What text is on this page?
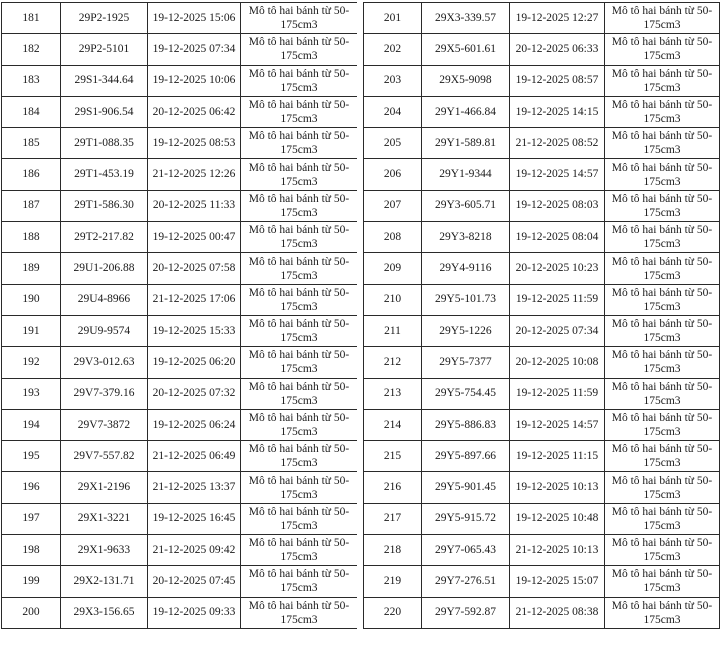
181	29P2-1925	19-12-2025 15:06	Mô tô hai bánh từ 50-175cm3
182	29P2-5101	19-12-2025 07:34	Mô tô hai bánh từ 50-175cm3
183	29S1-344.64	19-12-2025 10:06	Mô tô hai bánh từ 50-175cm3
184	29S1-906.54	20-12-2025 06:42	Mô tô hai bánh từ 50-175cm3
185	29T1-088.35	19-12-2025 08:53	Mô tô hai bánh từ 50-175cm3
186	29T1-453.19	21-12-2025 12:26	Mô tô hai bánh từ 50-175cm3
187	29T1-586.30	20-12-2025 11:33	Mô tô hai bánh từ 50-175cm3
188	29T2-217.82	19-12-2025 00:47	Mô tô hai bánh từ 50-175cm3
189	29U1-206.88	20-12-2025 07:58	Mô tô hai bánh từ 50-175cm3
190	29U4-8966	21-12-2025 17:06	Mô tô hai bánh từ 50-175cm3
191	29U9-9574	19-12-2025 15:33	Mô tô hai bánh từ 50-175cm3
192	29V3-012.63	19-12-2025 06:20	Mô tô hai bánh từ 50-175cm3
193	29V7-379.16	20-12-2025 07:32	Mô tô hai bánh từ 50-175cm3
194	29V7-3872	19-12-2025 06:24	Mô tô hai bánh từ 50-175cm3
195	29V7-557.82	21-12-2025 06:49	Mô tô hai bánh từ 50-175cm3
196	29X1-2196	21-12-2025 13:37	Mô tô hai bánh từ 50-175cm3
197	29X1-3221	19-12-2025 16:45	Mô tô hai bánh từ 50-175cm3
198	29X1-9633	21-12-2025 09:42	Mô tô hai bánh từ 50-175cm3
199	29X2-131.71	20-12-2025 07:45	Mô tô hai bánh từ 50-175cm3
200	29X3-156.65	19-12-2025 09:33	Mô tô hai bánh từ 50-175cm3
201	29X3-339.57	19-12-2025 12:27	Mô tô hai bánh từ 50-175cm3
202	29X5-601.61	20-12-2025 06:33	Mô tô hai bánh từ 50-175cm3
203	29X5-9098	19-12-2025 08:57	Mô tô hai bánh từ 50-175cm3
204	29Y1-466.84	19-12-2025 14:15	Mô tô hai bánh từ 50-175cm3
205	29Y1-589.81	21-12-2025 08:52	Mô tô hai bánh từ 50-175cm3
206	29Y1-9344	19-12-2025 14:57	Mô tô hai bánh từ 50-175cm3
207	29Y3-605.71	19-12-2025 08:03	Mô tô hai bánh từ 50-175cm3
208	29Y3-8218	19-12-2025 08:04	Mô tô hai bánh từ 50-175cm3
209	29Y4-9116	20-12-2025 10:23	Mô tô hai bánh từ 50-175cm3
210	29Y5-101.73	19-12-2025 11:59	Mô tô hai bánh từ 50-175cm3
211	29Y5-1226	20-12-2025 07:34	Mô tô hai bánh từ 50-175cm3
212	29Y5-7377	20-12-2025 10:08	Mô tô hai bánh từ 50-175cm3
213	29Y5-754.45	19-12-2025 11:59	Mô tô hai bánh từ 50-175cm3
214	29Y5-886.83	19-12-2025 14:57	Mô tô hai bánh từ 50-175cm3
215	29Y5-897.66	19-12-2025 11:15	Mô tô hai bánh từ 50-175cm3
216	29Y5-901.45	19-12-2025 10:13	Mô tô hai bánh từ 50-175cm3
217	29Y5-915.72	19-12-2025 10:48	Mô tô hai bánh từ 50-175cm3
218	29Y7-065.43	21-12-2025 10:13	Mô tô hai bánh từ 50-175cm3
219	29Y7-276.51	19-12-2025 15:07	Mô tô hai bánh từ 50-175cm3
220	29Y7-592.87	21-12-2025 08:38	Mô tô hai bánh từ 50-175cm3
